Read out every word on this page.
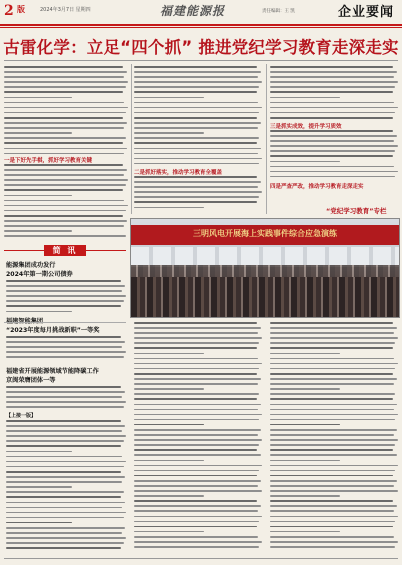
2 版	2024年3月7日 星期四	福建能源报	责任编辑：王 凯	企业要闻
古雷化学：立足“四个抓” 推进党纪学习教育走深走实
一是下好先手棋，抓好学习教育关键
二是抓好落实，推动学习教育全覆盖
三是抓实成效，提升学习质效
四是严查严改，推动学习教育走深走实
简 讯
能源集团成功发行
2024年第一期公司债券
“2023年度每月挑战新职”一等奖
福建省开展能源领域节能降碳工作
京闽荣膺团体一等
“党纪学习教育”专栏
三明风电开展海上实践事件综合应急演练
【上接一版】
